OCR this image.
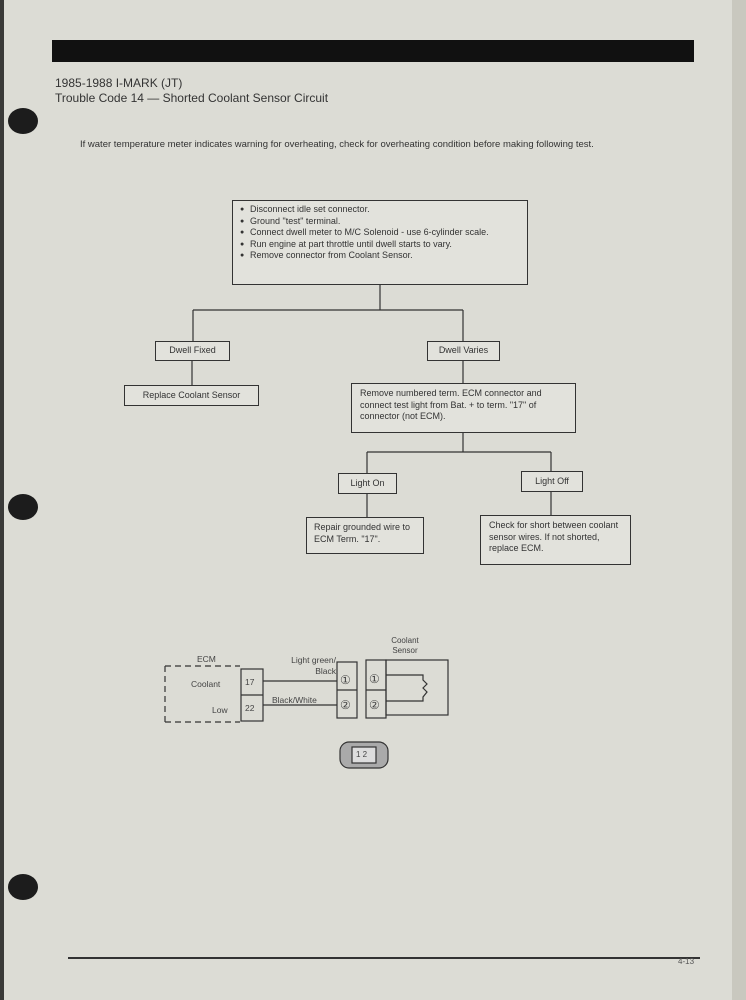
1985-1988 I-MARK (JT)
Trouble Code 14 — Shorted Coolant Sensor Circuit
If water temperature meter indicates warning for overheating, check for overheating condition before making following test.
● Disconnect idle set connector.
● Ground "test" terminal.
● Connect dwell meter to M/C Solenoid - use 6-cylinder scale.
● Run engine at part throttle until dwell starts to vary.
● Remove connector from Coolant Sensor.
Dwell Fixed	Dwell Varies
Replace Coolant Sensor	Remove numbered term. ECM connector and connect test light from Bat. + to term. "17" of connector (not ECM).
Light On	Light Off
Repair grounded wire to ECM Term. "17".
Check for short between coolant sensor wires. If not shorted, replace ECM.
ECM
Coolant
Low
17
22
Light green/ Black
Black/White
①
②
①
②
Coolant Sensor
1 2
4-13
